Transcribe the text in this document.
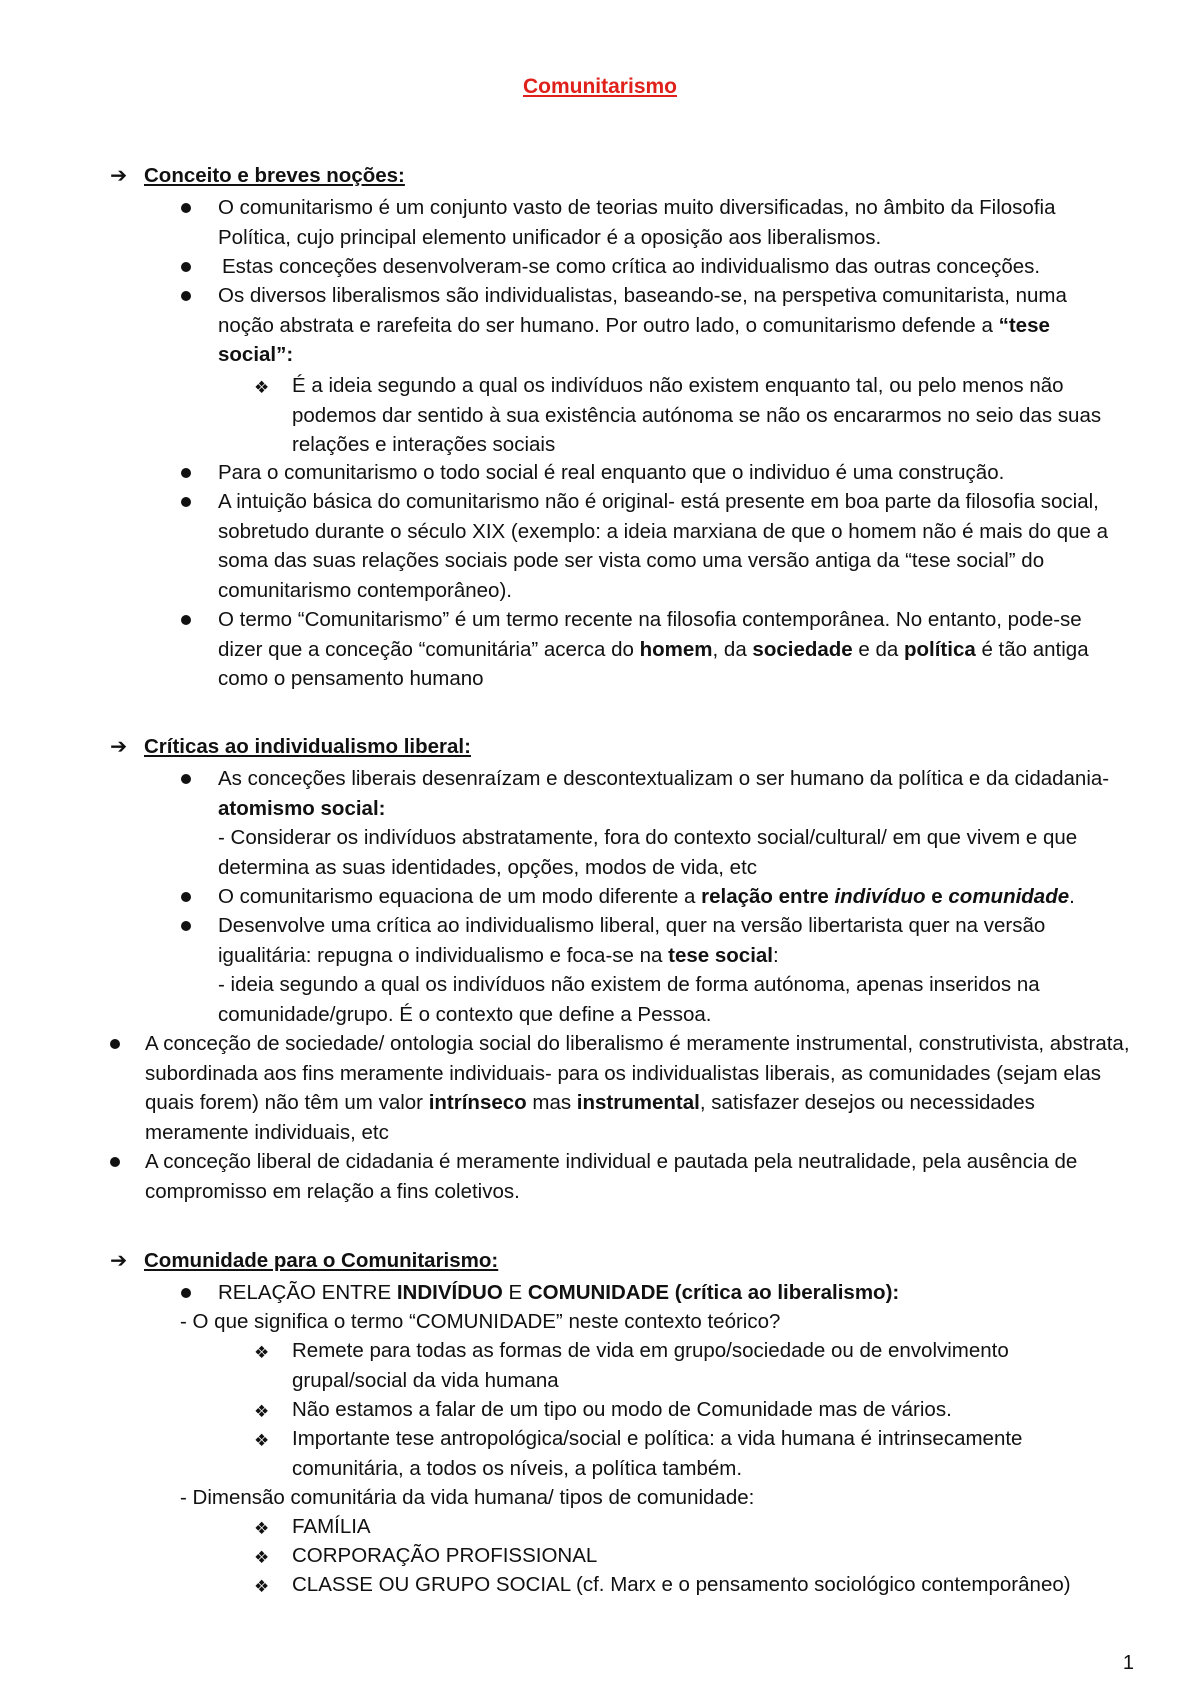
Comunitarismo
➔ Conceito e breves noções:
O comunitarismo é um conjunto vasto de teorias muito diversificadas, no âmbito da Filosofia Política, cujo principal elemento unificador é a oposição aos liberalismos.
Estas conceções desenvolveram-se como crítica ao individualismo das outras conceções.
Os diversos liberalismos são individualistas, baseando-se, na perspetiva comunitarista, numa noção abstrata e rarefeita do ser humano. Por outro lado, o comunitarismo defende a “tese social”:
❖ É a ideia segundo a qual os indivíduos não existem enquanto tal, ou pelo menos não podemos dar sentido à sua existência autónoma se não os encararmos no seio das suas relações e interações sociais
Para o comunitarismo o todo social é real enquanto que o individuo é uma construção.
A intuição básica do comunitarismo não é original- está presente em boa parte da filosofia social, sobretudo durante o século XIX (exemplo: a ideia marxiana de que o homem não é mais do que a soma das suas relações sociais pode ser vista como uma versão antiga da “tese social” do comunitarismo contemporâneo).
O termo “Comunitarismo” é um termo recente na filosofia contemporânea. No entanto, pode-se dizer que a conceção “comunitária” acerca do homem, da sociedade e da política é tão antiga como o pensamento humano
➔ Críticas ao individualismo liberal:
As conceções liberais desenraízam e descontextualizam o ser humano da política e da cidadania- atomismo social:
- Considerar os indivíduos abstratamente, fora do contexto social/cultural/ em que vivem e que determina as suas identidades, opções, modos de vida, etc
O comunitarismo equaciona de um modo diferente a relação entre indivíduo e comunidade.
Desenvolve uma crítica ao individualismo liberal, quer na versão libertarista quer na versão igualitária: repugna o individualismo e foca-se na tese social:
- ideia segundo a qual os indivíduos não existem de forma autónoma, apenas inseridos na comunidade/grupo. É o contexto que define a Pessoa.
A conceção de sociedade/ ontologia social do liberalismo é meramente instrumental, construtivista, abstrata, subordinada aos fins meramente individuais- para os individualistas liberais, as comunidades (sejam elas quais forem) não têm um valor intrínseco mas instrumental, satisfazer desejos ou necessidades meramente individuais, etc
A conceção liberal de cidadania é meramente individual e pautada pela neutralidade, pela ausência de compromisso em relação a fins coletivos.
➔ Comunidade para o Comunitarismo:
RELAÇÃO ENTRE INDIVÍDUO E COMUNIDADE (crítica ao liberalismo):
- O que significa o termo “COMUNIDADE” neste contexto teórico?
❖ Remete para todas as formas de vida em grupo/sociedade ou de envolvimento grupal/social da vida humana
❖ Não estamos a falar de um tipo ou modo de Comunidade mas de vários.
❖ Importante tese antropológica/social e política: a vida humana é intrinsecamente comunitária, a todos os níveis, a política também.
- Dimensão comunitária da vida humana/ tipos de comunidade:
❖ FAMÍLIA
❖ CORPORAÇÃO PROFISSIONAL
❖ CLASSE OU GRUPO SOCIAL (cf. Marx e o pensamento sociológico contemporâneo)
1
